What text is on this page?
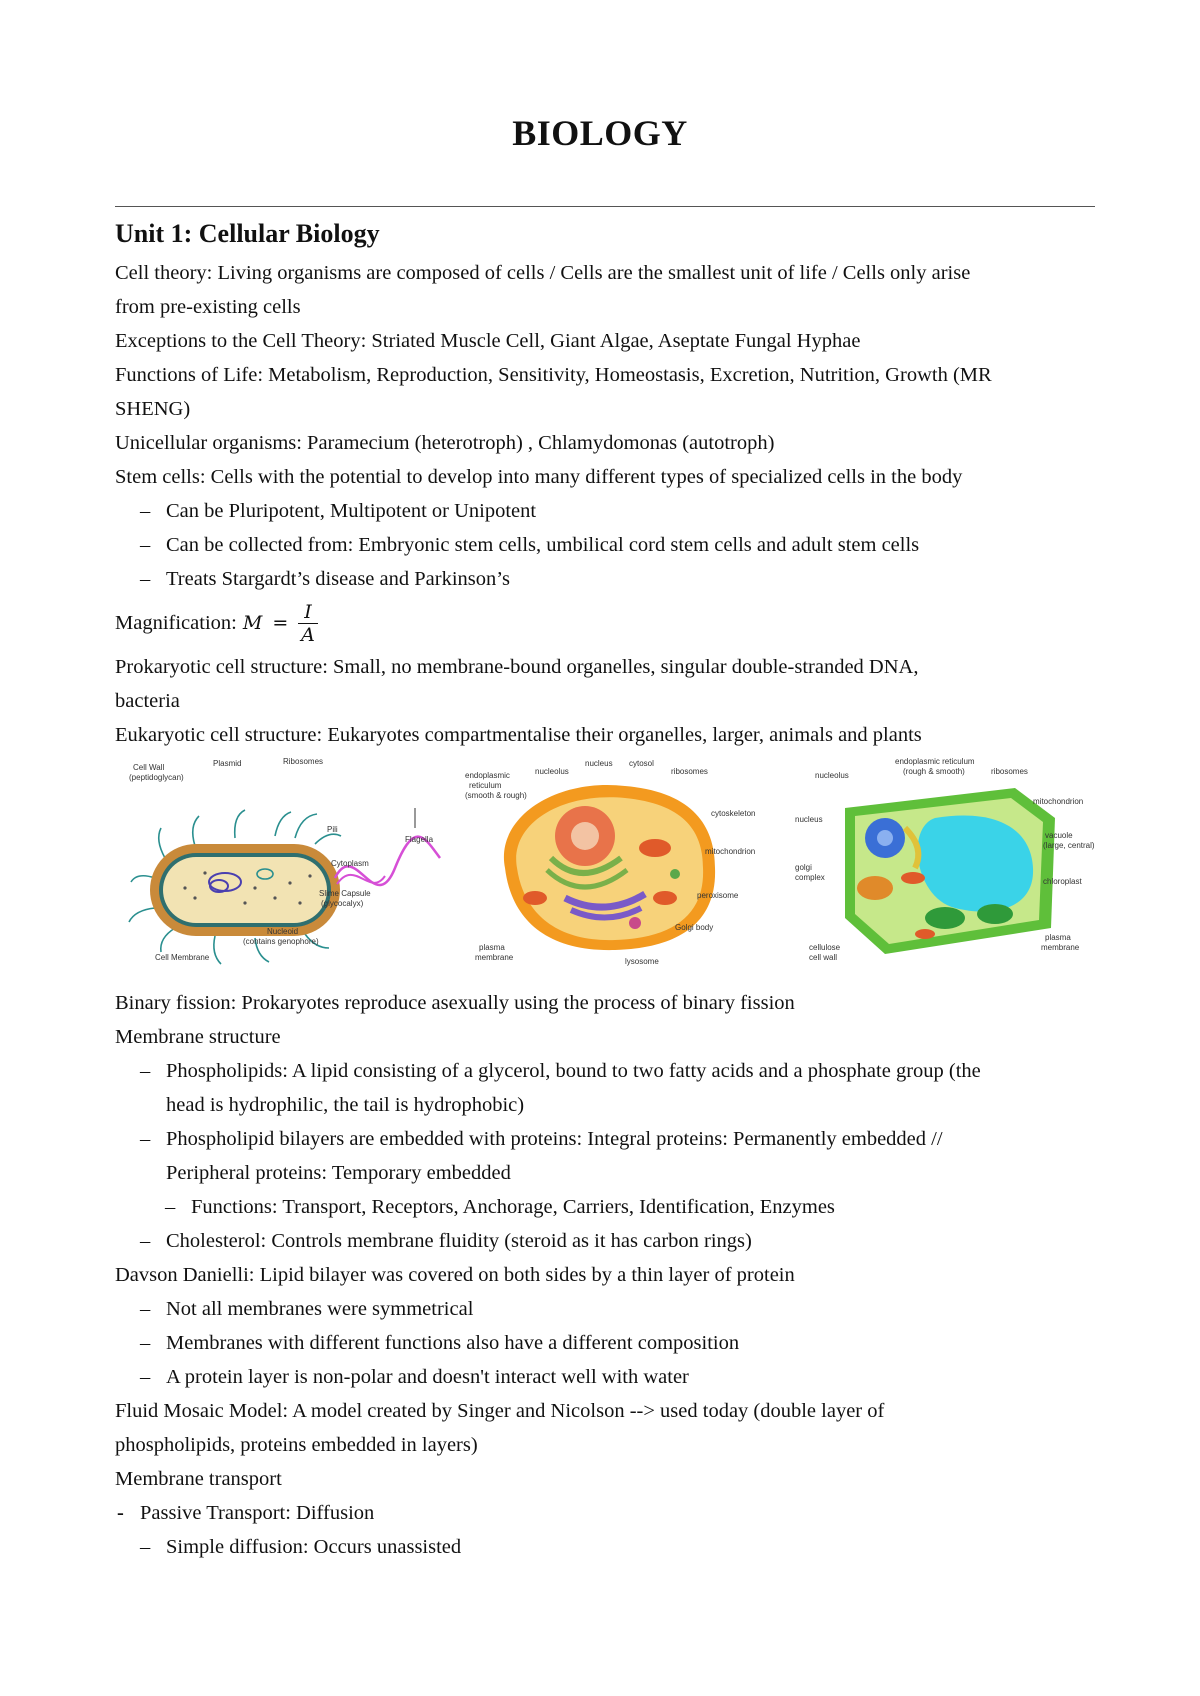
BIOLOGY
Unit 1: Cellular Biology

Cell theory: Living organisms are composed of cells / Cells are the smallest unit of life / Cells only arise

from pre-existing cells

Exceptions to the Cell Theory: Striated Muscle Cell, Giant Algae, Aseptate Fungal Hyphae

Functions of Life: Metabolism, Reproduction, Sensitivity, Homeostasis, Excretion, Nutrition, Growth (MR

SHENG)

Unicellular organisms: Paramecium (heterotroph) , Chlamydomonas (autotroph)

Stem cells: Cells with the potential to develop into many different types of specialized cells in the body

– Can be Pluripotent, Multipotent or Unipotent
– Can be collected from: Embryonic stem cells, umbilical cord stem cells and adult stem cells
– Treats Stargardt’s disease and Parkinson’s
Magnification: $M = \frac{I}{A}$

Prokaryotic cell structure: Small, no membrane-bound organelles, singular double-stranded DNA,

bacteria

Eukaryotic cell structure: Eukaryotes compartmentalise their organelles, larger, animals and plants

Cell Wall
(peptidoglycan)
Plasmid	Ribosomes
Pili
Flagella
Cytoplasm
Slime Capsule
(glycocalyx)
Nucleoid
(contains genophore)
Cell Membrane
endoplasmic
reticulum
(smooth & rough)
nucleus
nucleolus
cytosol
ribosomes
cytoskeleton
mitochondrion
peroxisome
Golgi body
lysosome
plasma
membrane
endoplasmic reticulum
(rough & smooth)
nucleolus	ribosomes
nucleus
mitochondrion
vacuole
(large, central)
golgi
complex	chloroplast
cellulose
cell wall
plasma
membrane

Binary fission: Prokaryotes reproduce asexually using the process of binary fission

Membrane structure

– Phospholipids: A lipid consisting of a glycerol, bound to two fatty acids and a phosphate group (the
head is hydrophilic, the tail is hydrophobic)
– Phospholipid bilayers are embedded with proteins: Integral proteins: Permanently embedded //
Peripheral proteins: Temporary embedded
– Functions: Transport, Receptors, Anchorage, Carriers, Identification, Enzymes
– Cholesterol: Controls membrane fluidity (steroid as it has carbon rings)

Davson Danielli: Lipid bilayer was covered on both sides by a thin layer of protein

– Not all membranes were symmetrical
– Membranes with different functions also have a different composition
– A protein layer is non-polar and doesn't interact well with water

Fluid Mosaic Model: A model created by Singer and Nicolson --> used today (double layer of

phospholipids, proteins embedded in layers)

Membrane transport

- Passive Transport: Diffusion
– Simple diffusion: Occurs unassisted
